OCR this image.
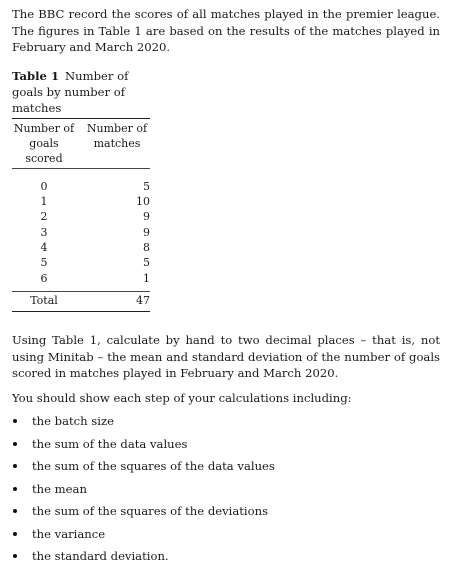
The BBC record the scores of all matches played in the premier league. The figures in Table 1 are based on the results of the matches played in February and March 2020.

Table 1 Number of goals by number of matches
Number of goals scored
Number of matches
0	5
1	10
2	9
3	9
4	8
5	5
6	1
Total	47

Using Table 1, calculate by hand to two decimal places – that is, not using Minitab – the mean and standard deviation of the number of goals scored in matches played in February and March 2020.

You should show each step of your calculations including:

the batch size
the sum of the data values
the sum of the squares of the data values
the mean
the sum of the squares of the deviations
the variance
the standard deviation.
